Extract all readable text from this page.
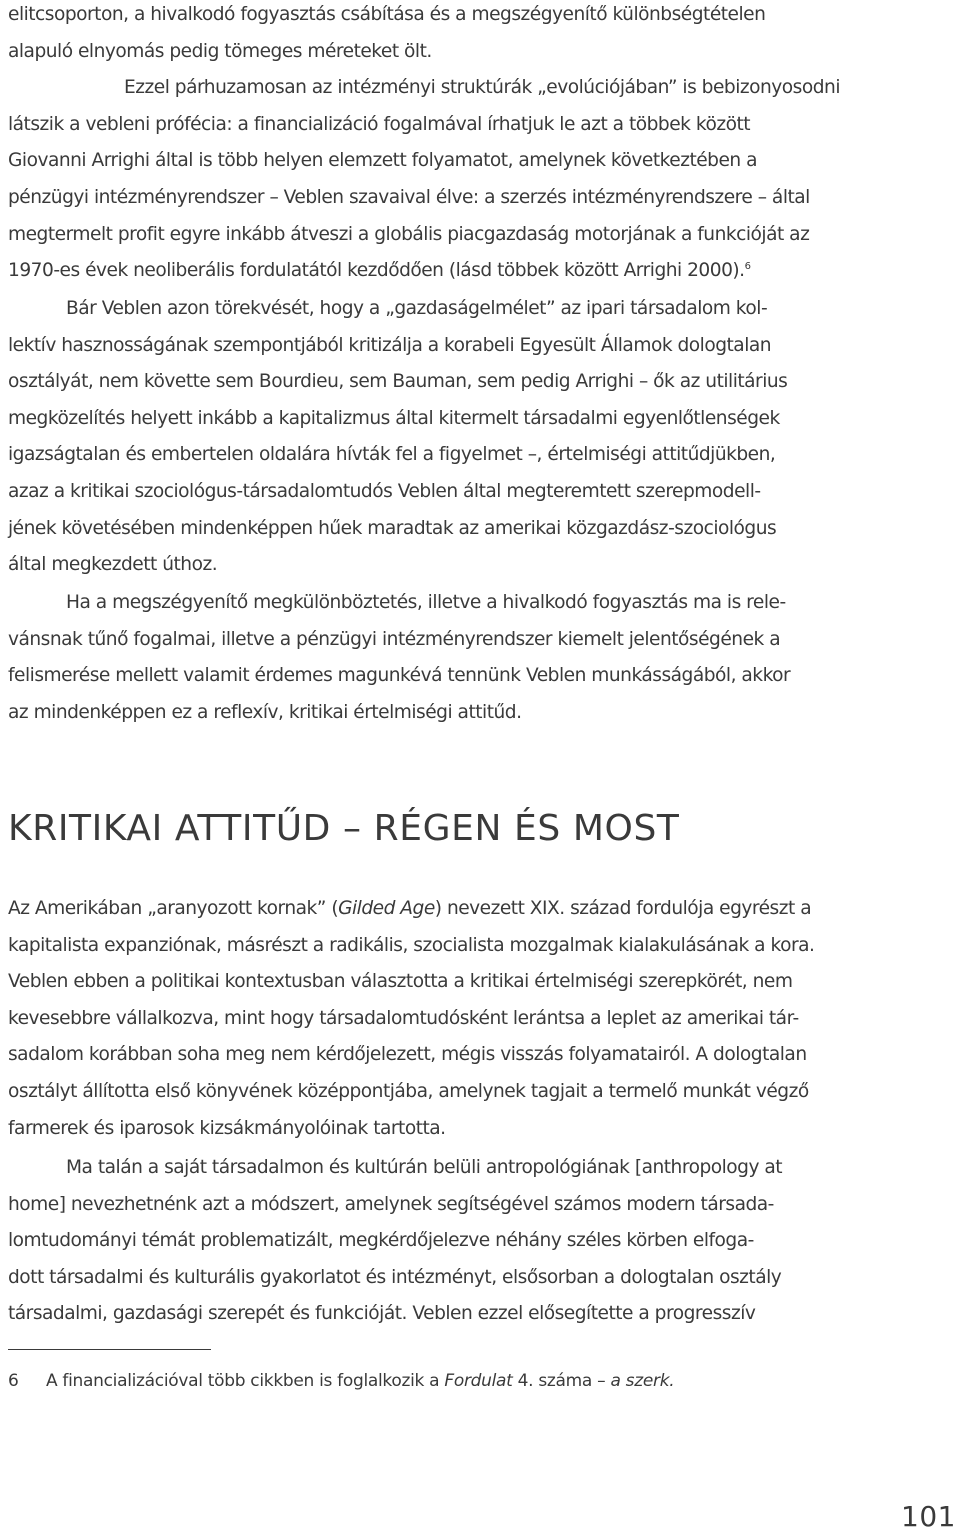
elitcsoporton, a hivalkodó fogyasztás csábítása és a megszégyenítő különbségtételen
alapuló elnyomás pedig tömeges méreteket ölt.
Ezzel párhuzamosan az intézményi struktúrák „evolúciójában” is bebizonyosodni
látszik a vebleni prófécia: a financializáció fogalmával írhatjuk le azt a többek között
Giovanni Arrighi által is több helyen elemzett folyamatot, amelynek következtében a
pénzügyi intézményrendszer – Veblen szavaival élve: a szerzés intézményrendszere – által
megtermelt profit egyre inkább átveszi a globális piacgazdaság motorjának a funkcióját az
1970-es évek neoliberális fordulatától kezdődően (lásd többek között Arrighi 2000).$^6$

Bár Veblen azon törekvését, hogy a „gazdaságelmélet” az ipari társadalom kol-
lektív hasznosságának szempontjából kritizálja a korabeli Egyesült Államok dologtalan
osztályát, nem követte sem Bourdieu, sem Bauman, sem pedig Arrighi – ők az utilitárius
megközelítés helyett inkább a kapitalizmus által kitermelt társadalmi egyenlőtlenségek
igazságtalan és embertelen oldalára hívták fel a figyelmet –, értelmiségi attitűdjükben,
azaz a kritikai szociológus-társadalomtudós Veblen által megteremtett szerepmodell-
jének követésében mindenképpen hűek maradtak az amerikai közgazdász-szociológus
által megkezdett úthoz.

Ha a megszégyenítő megkülönböztetés, illetve a hivalkodó fogyasztás ma is rele-
vánsnak tűnő fogalmai, illetve a pénzügyi intézményrendszer kiemelt jelentőségének a
felismerése mellett valamit érdemes magunkévá tennünk Veblen munkásságából, akkor
az mindenképpen ez a reflexív, kritikai értelmiségi attitűd.

KRITIKAI ATTITŰD – RÉGEN ÉS MOST

Az Amerikában „aranyozott kornak” (Gilded Age) nevezett XIX. század fordulója egyrészt a
kapitalista expanziónak, másrészt a radikális, szocialista mozgalmak kialakulásának a kora.
Veblen ebben a politikai kontextusban választotta a kritikai értelmiségi szerepkörét, nem
kevesebbre vállalkozva, mint hogy társadalomtudósként lerántsa a leplet az amerikai tár-
sadalom korábban soha meg nem kérdőjelezett, mégis visszás folyamatairól. A dologtalan
osztályt állította első könyvének középpontjába, amelynek tagjait a termelő munkát végző
farmerek és iparosok kizsákmányolóinak tartotta.

Ma talán a saját társadalmon és kultúrán belüli antropológiának [anthropology at
home] nevezhetnénk azt a módszert, amelynek segítségével számos modern társada-
lomtudományi témát problematizált, megkérdőjelezve néhány széles körben elfoga-
dott társadalmi és kulturális gyakorlatot és intézményt, elsősorban a dologtalan osztály
társadalmi, gazdasági szerepét és funkcióját. Veblen ezzel elősegítette a progresszív

6 A financializációval több cikkben is foglalkozik a Fordulat 4. száma – a szerk.

101
